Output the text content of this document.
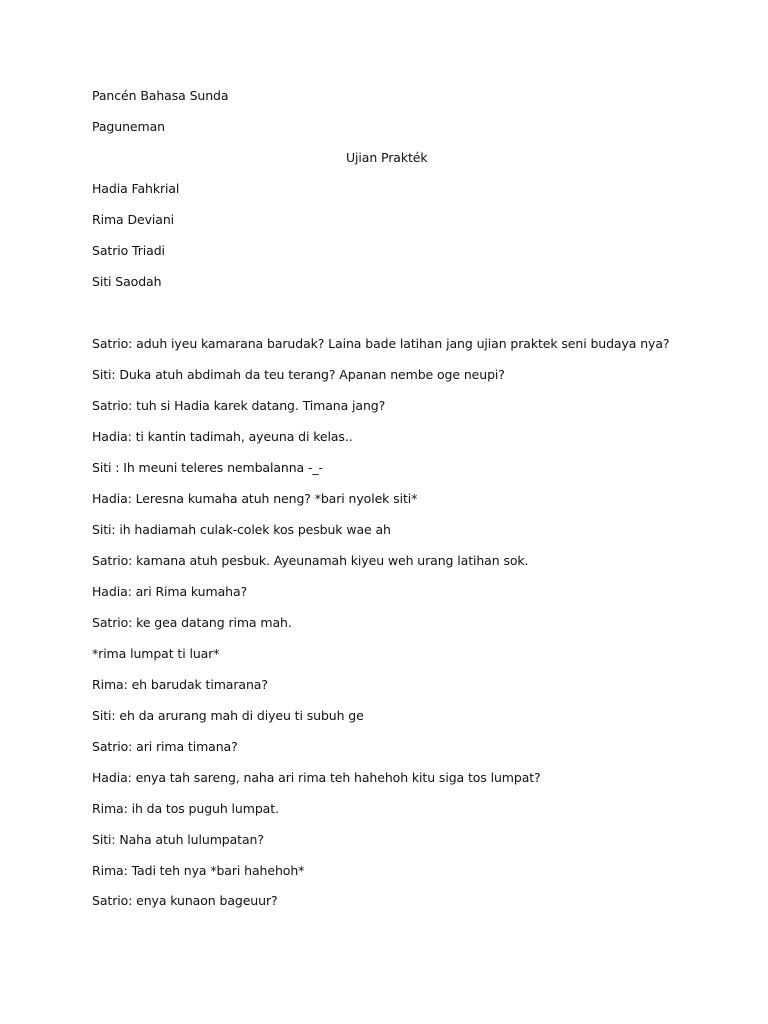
Pancén Bahasa Sunda
Paguneman
Ujian Prakték
Hadia Fahkrial
Rima Deviani
Satrio Triadi
Siti Saodah
Satrio: aduh iyeu kamarana barudak? Laina bade latihan jang ujian praktek seni budaya nya?
Siti: Duka atuh abdimah da teu terang? Apanan nembe oge neupi?
Satrio: tuh si Hadia karek datang. Timana jang?
Hadia: ti kantin tadimah, ayeuna di kelas..
Siti : Ih meuni teleres nembalanna -_-
Hadia: Leresna kumaha atuh neng? *bari nyolek siti*
Siti: ih hadiamah culak-colek kos pesbuk wae ah
Satrio: kamana atuh pesbuk. Ayeunamah kiyeu weh urang latihan sok.
Hadia: ari Rima kumaha?
Satrio: ke gea datang rima mah.
*rima lumpat ti luar*
Rima: eh barudak timarana?
Siti: eh da arurang mah di diyeu ti subuh ge
Satrio: ari rima timana?
Hadia: enya tah sareng, naha ari rima teh hahehoh kitu siga tos lumpat?
Rima: ih da tos puguh lumpat.
Siti: Naha atuh lulumpatan?
Rima: Tadi teh nya *bari hahehoh*
Satrio: enya kunaon bageuur?
